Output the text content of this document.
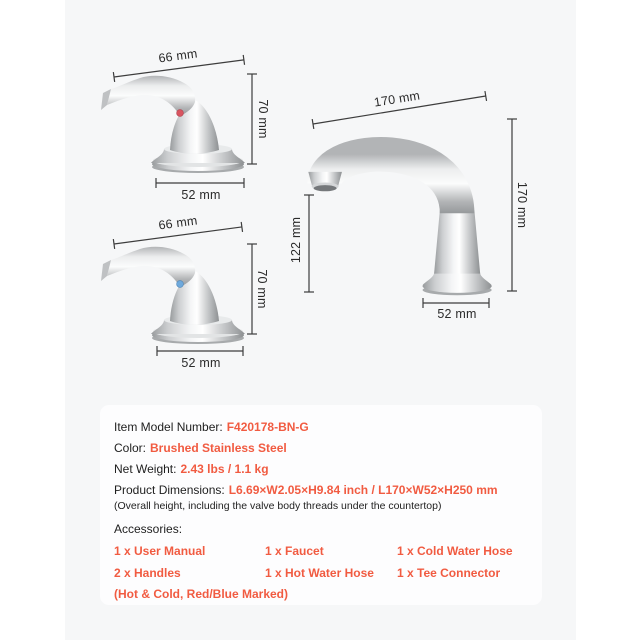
66 mm
70 mm
52 mm
66 mm
70 mm
52 mm
170 mm
170 mm
122 mm
52 mm
Item Model Number: F420178-BN-G
Color: Brushed Stainless Steel
Net Weight: 2.43 lbs / 1.1 kg
Product Dimensions: L6.69×W2.05×H9.84 inch / L170×W52×H250 mm
(Overall height, including the valve body threads under the countertop)
Accessories:
1 x User Manual
2 x Handles
1 x Faucet
1 x Hot Water Hose
1 x Cold Water Hose
1 x Tee Connector
(Hot & Cold, Red/Blue Marked)
